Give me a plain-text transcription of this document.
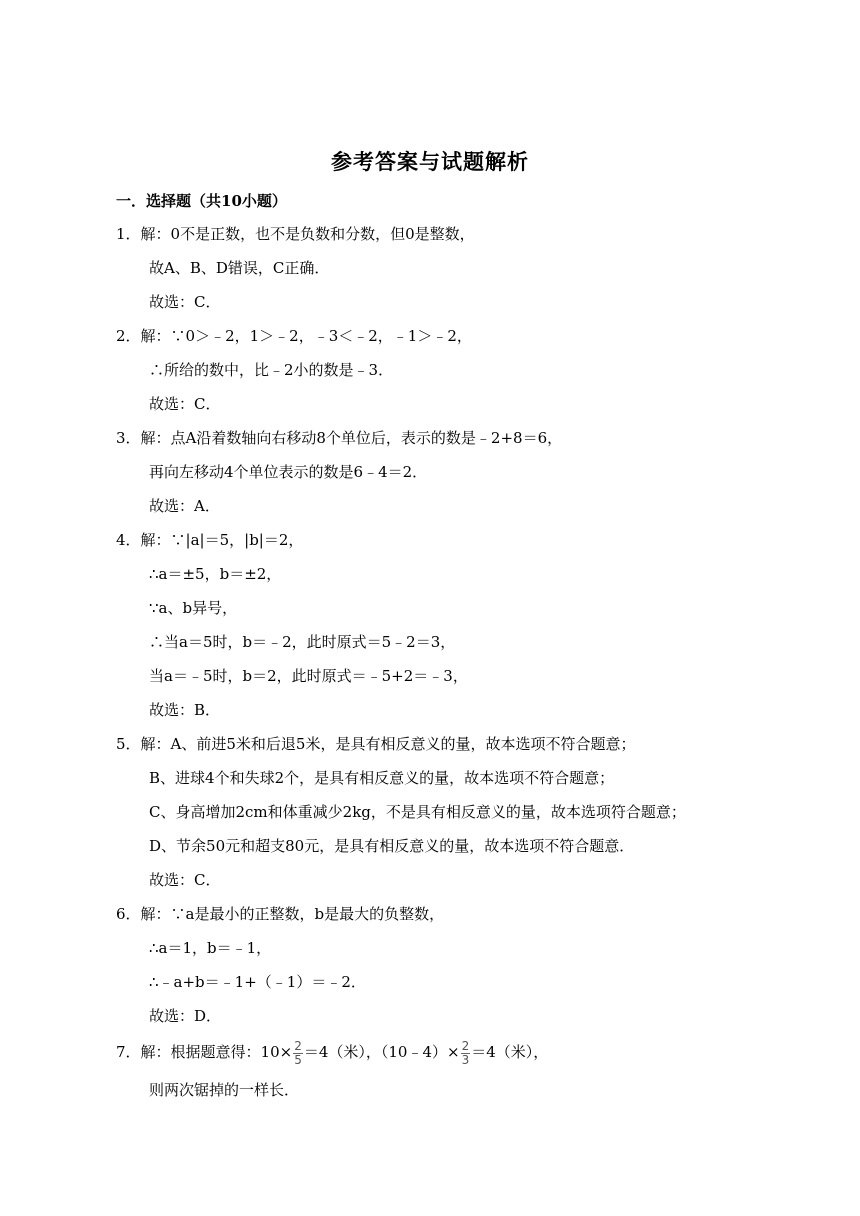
参考答案与试题解析
一．选择题（共10小题）
1．解：0不是正数，也不是负数和分数，但0是整数，
故A、B、D错误，C正确．
故选：C．
2．解：∵0＞﹣2，1＞﹣2，﹣3＜﹣2，﹣1＞﹣2，
∴所给的数中，比﹣2小的数是﹣3．
故选：C．
3．解：点A沿着数轴向右移动8个单位后，表示的数是﹣2+8＝6，
再向左移动4个单位表示的数是6﹣4＝2．
故选：A．
4．解：∵|a|＝5，|b|＝2，
∴a＝±5，b＝±2，
∵a、b异号，
∴当a＝5时，b＝﹣2，此时原式＝5﹣2＝3，
当a＝﹣5时，b＝2，此时原式＝﹣5+2＝﹣3，
故选：B．
5．解：A、前进5米和后退5米，是具有相反意义的量，故本选项不符合题意；
B、进球4个和失球2个，是具有相反意义的量，故本选项不符合题意；
C、身高增加2cm和体重减少2kg，不是具有相反意义的量，故本选项符合题意；
D、节余50元和超支80元，是具有相反意义的量，故本选项不符合题意．
故选：C．
6．解：∵a是最小的正整数，b是最大的负整数，
∴a＝1，b＝﹣1，
∴﹣a+b＝﹣1+（﹣1）＝﹣2．
故选：D．
7．解：根据题意得：$10\times \frac{2}{5} =4$（米），（10﹣4）× $\frac{2}{3} =4$（米），
则两次锯掉的一样长．
